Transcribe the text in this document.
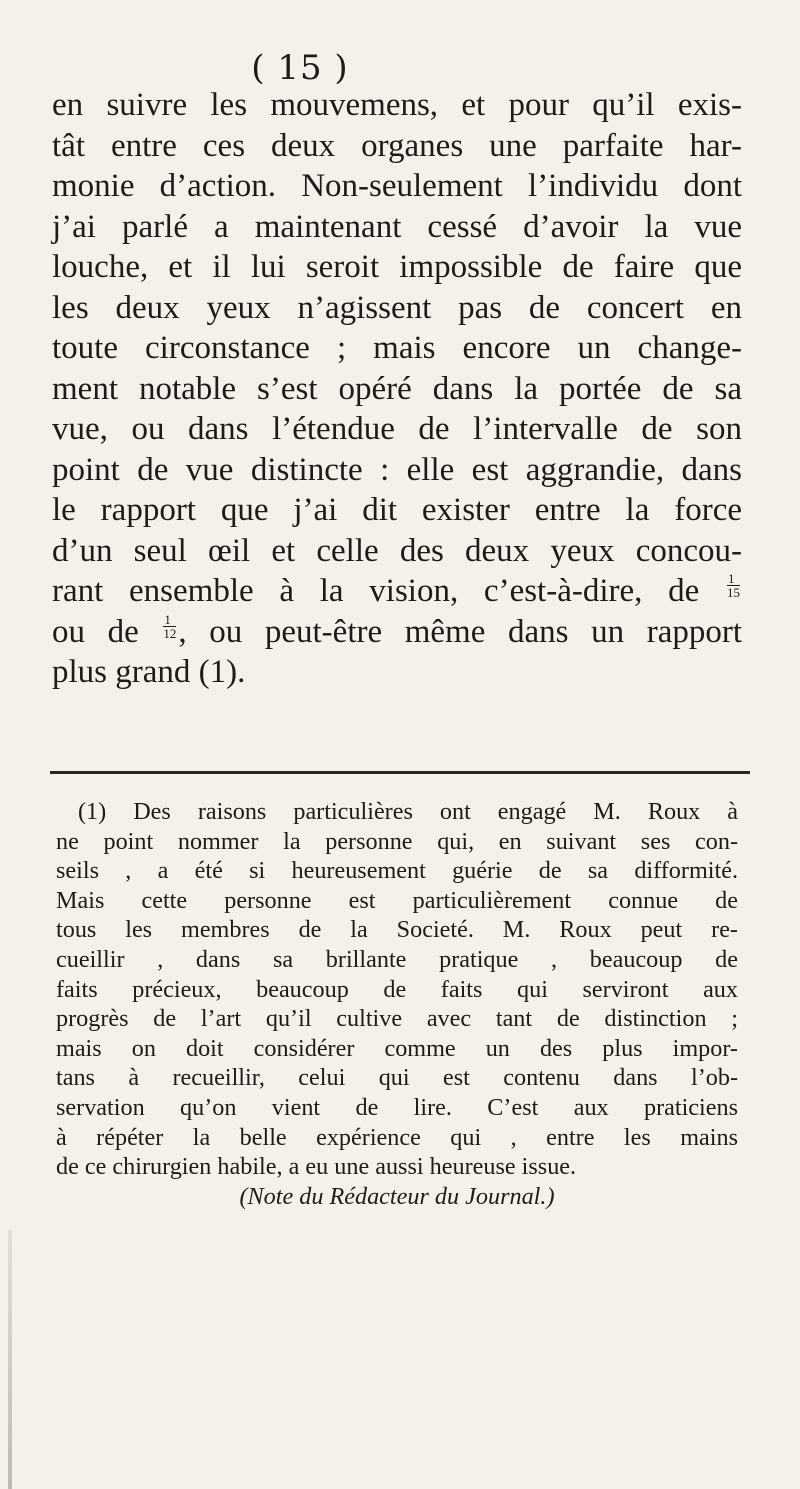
( 15 )
en suivre les mouvemens, et pour qu’il exis-
tât entre ces deux organes une parfaite har-
monie d’action. Non-seulement l’individu dont
j’ai parlé a maintenant cessé d’avoir la vue
louche, et il lui seroit impossible de faire que
les deux yeux n’agissent pas de concert en
toute circonstance ; mais encore un change-
ment notable s’est opéré dans la portée de sa
vue, ou dans l’étendue de l’intervalle de son
point de vue distincte : elle est aggrandie, dans
le rapport que j’ai dit exister entre la force
d’un seul œil et celle des deux yeux concou-
rant ensemble à la vision, c’est-à-dire, de $\frac{1}{15}$
ou de $\frac{1}{12}$ , ou peut-être même dans un rapport
plus grand (1).
(1) Des raisons particulières ont engagé M. Roux à
ne point nommer la personne qui, en suivant ses con-
seils , a été si heureusement guérie de sa difformité.
Mais cette personne est particulièrement connue de
tous les membres de la Societé. M. Roux peut re-
cueillir , dans sa brillante pratique , beaucoup de
faits précieux, beaucoup de faits qui serviront aux
progrès de l’art qu’il cultive avec tant de distinction ;
mais on doit considérer comme un des plus impor-
tans à recueillir, celui qui est contenu dans l’ob-
servation qu’on vient de lire. C’est aux praticiens
à répéter la belle expérience qui , entre les mains
de ce chirurgien habile, a eu une aussi heureuse issue.
(Note du Rédacteur du Journal.)
